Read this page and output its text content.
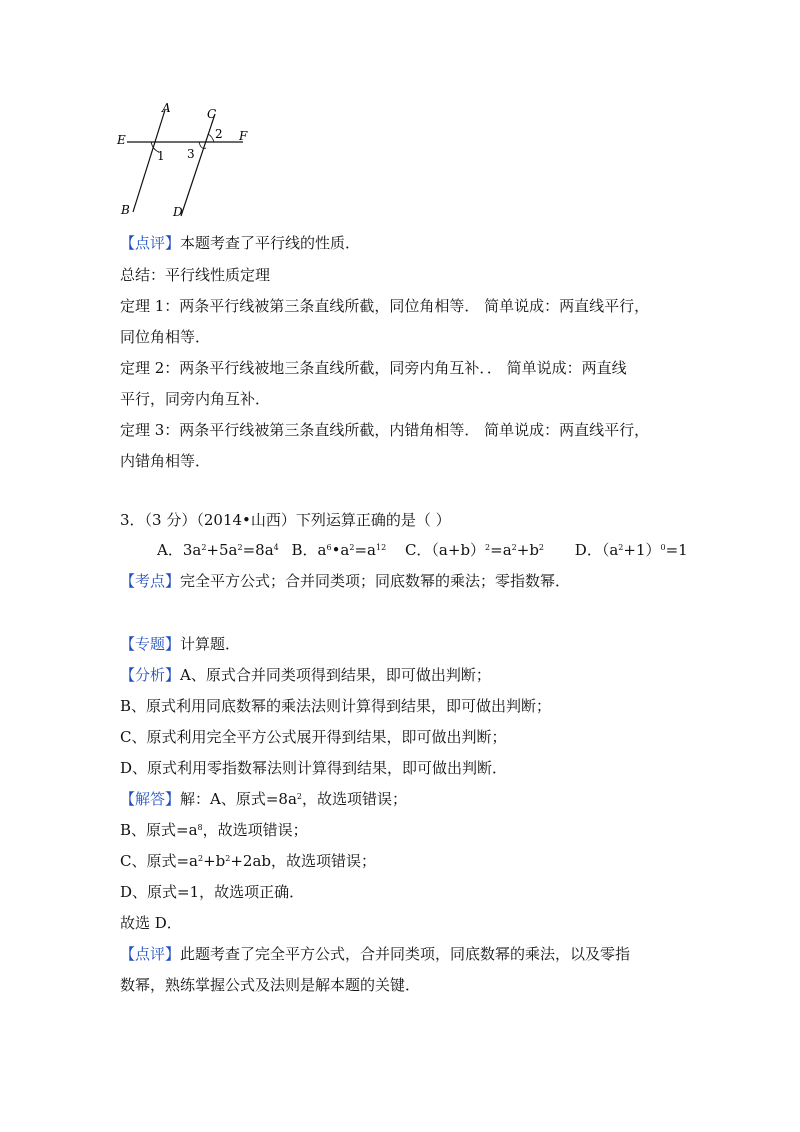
A
B
C
D
E	F
1
2
3
【点评】本题考查了平行线的性质．
总结：平行线性质定理
定理 1：两条平行线被第三条直线所截，同位角相等． 简单说成：两直线平行，
同位角相等．
定理 2：两条平行线被地三条直线所截，同旁内角互补．． 简单说成：两直线
平行，同旁内角互补．
定理 3：两条平行线被第三条直线所截，内错角相等． 简单说成：两直线平行，
内错角相等．
3．（3 分）（2014•山西）下列运算正确的是（ ）
A．$3a^2+5a^2=8a^4$ B．$a^6•a^2=a^{12}$ C．$(a+b)^2=a^2+b^2$ D．$(a^2+1)^0=1$
【考点】完全平方公式；合并同类项；同底数幂的乘法；零指数幂．
【专题】计算题．
【分析】A、原式合并同类项得到结果，即可做出判断；
B、原式利用同底数幂的乘法法则计算得到结果，即可做出判断；
C、原式利用完全平方公式展开得到结果，即可做出判断；
D、原式利用零指数幂法则计算得到结果，即可做出判断．
【解答】解：A、原式$=8a^2$，故选项错误；
B、原式$=a^8$，故选项错误；
C、原式$=a^2+b^2+2ab$，故选项错误；
D、原式=1，故选项正确．
故选 D．
【点评】此题考查了完全平方公式，合并同类项，同底数幂的乘法，以及零指
数幂，熟练掌握公式及法则是解本题的关键．
